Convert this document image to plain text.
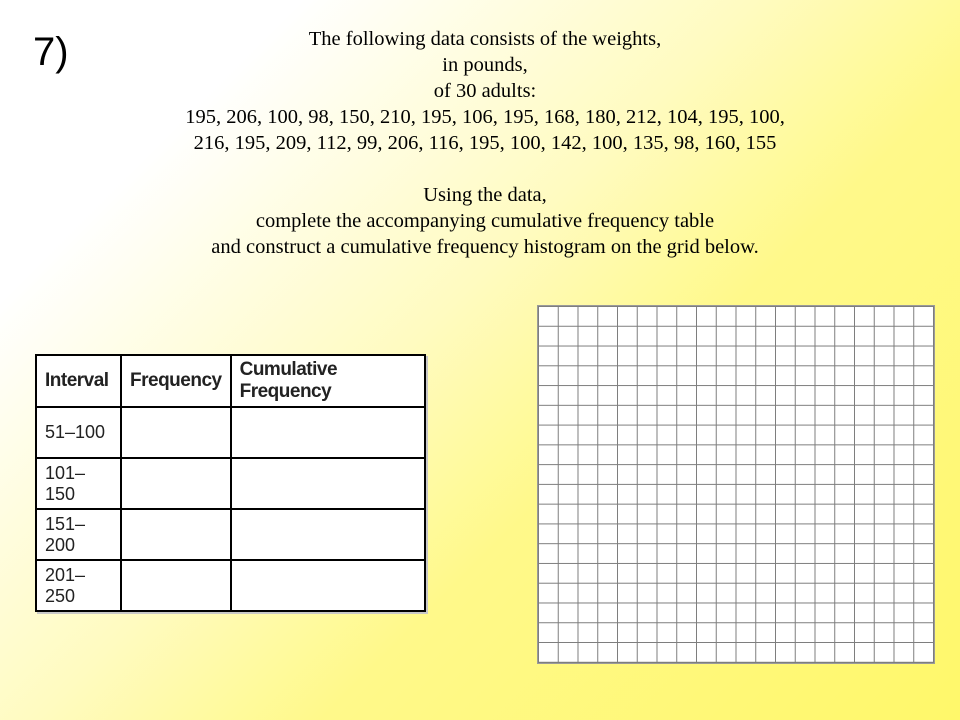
7)	The following data consists of the weights,
in pounds,
of 30 adults:
195, 206, 100, 98, 150, 210, 195, 106, 195, 168, 180, 212, 104, 195, 100,
216, 195, 209, 112, 99, 206, 116, 195, 100, 142, 100, 135, 98, 160, 155
Using the data,
complete the accompanying cumulative frequency table
and construct a cumulative frequency histogram on the grid below.
Interval	Frequency	Cumulative Frequency
51–100		
101–150		
151–200		
201–250		
